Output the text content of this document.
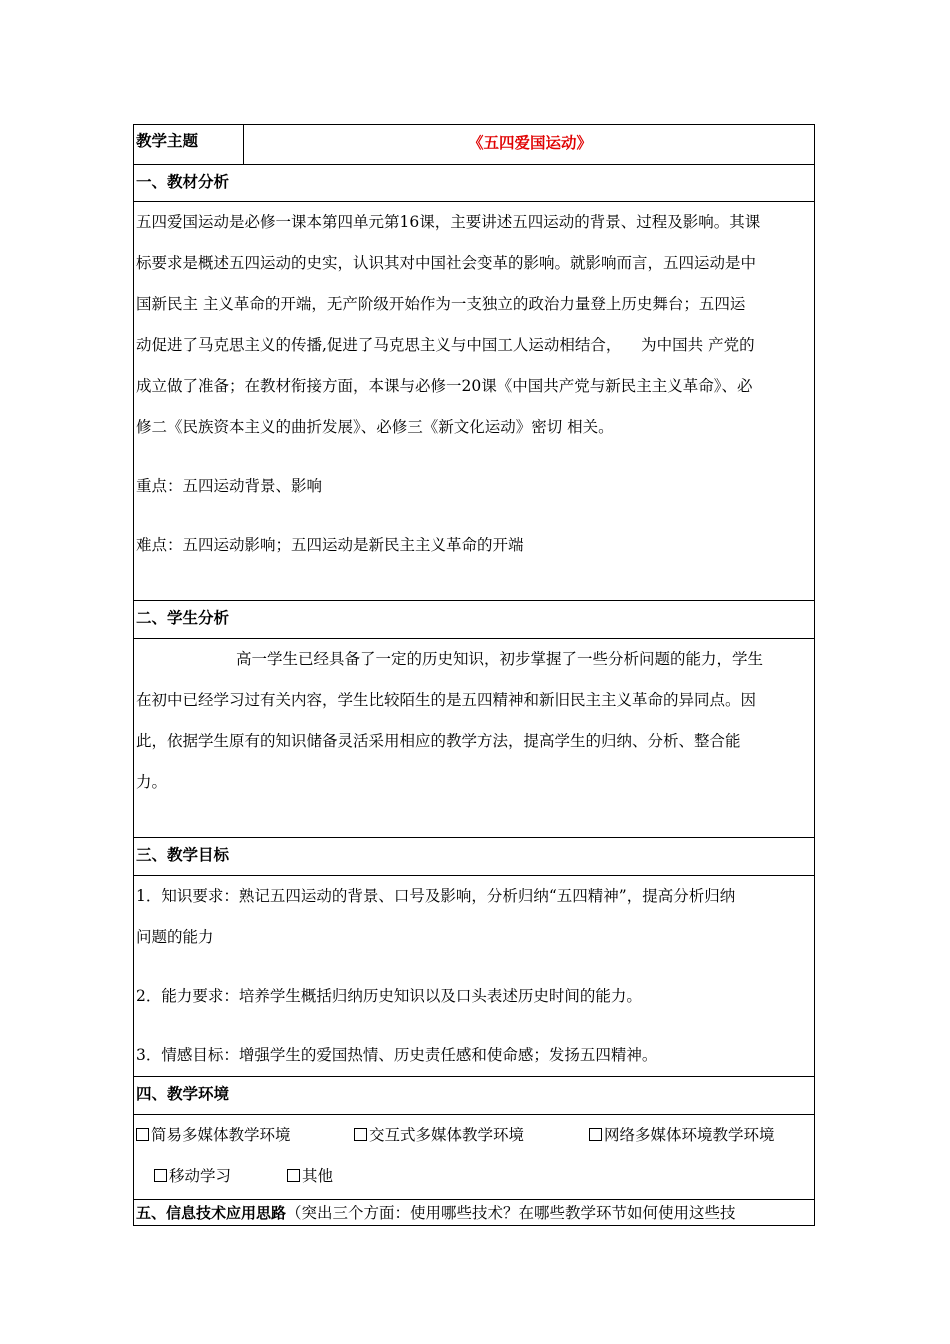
教学主题	《五四爱国运动》
一、教材分析

五四爱国运动是必修一课本第四单元第16课，主要讲述五四运动的背景、过程及影响。其课
标要求是概述五四运动的史实，认识其对中国社会变革的影响。就影响而言，五四运动是中
国新民主 主义革命的开端，无产阶级开始作为一支独立的政治力量登上历史舞台；五四运
动促进了马克思主义的传播,促进了马克思主义与中国工人运动相结合，    为中国共 产党的
成立做了准备；在教材衔接方面，本课与必修一20课《中国共产党与新民主主义革命》、必
修二《民族资本主义的曲折发展》、必修三《新文化运动》密切 相关。
重点：五四运动背景、影响
难点：五四运动影响；五四运动是新民主主义革命的开端

二、学生分析

高一学生已经具备了一定的历史知识，初步掌握了一些分析问题的能力，学生
在初中已经学习过有关内容，学生比较陌生的是五四精神和新旧民主主义革命的异同点。因
此，依据学生原有的知识储备灵活采用相应的教学方法，提高学生的归纳、分析、整合能
力。

三、教学目标

1．知识要求：熟记五四运动的背景、口号及影响，分析归纳“五四精神”，提高分析归纳
问题的能力
2．能力要求：培养学生概括归纳历史知识以及口头表述历史时间的能力。
3．情感目标：增强学生的爱国热情、历史责任感和使命感；发扬五四精神。

四、教学环境

简易多媒体教学环境	交互式多媒体教学环境	网络多媒体环境教学环境
移动学习	其他

五、信息技术应用思路（突出三个方面：使用哪些技术？在哪些教学环节如何使用这些技
